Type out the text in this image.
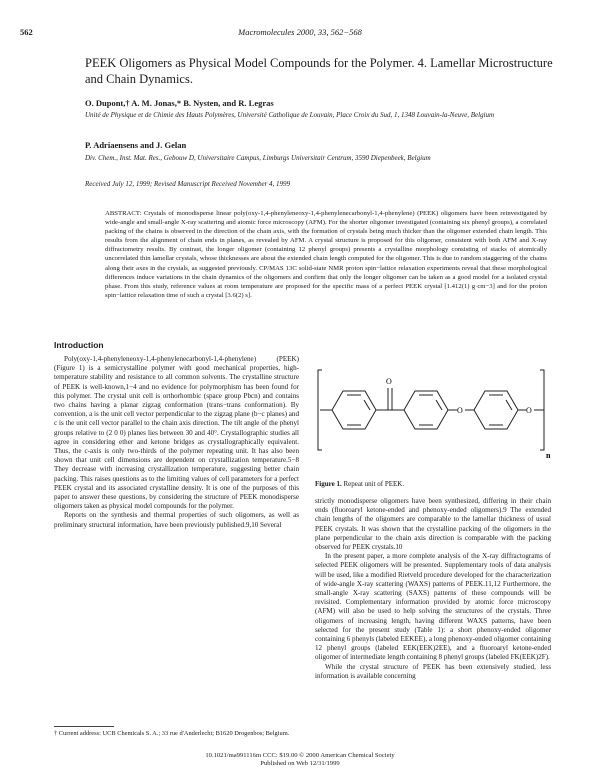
562	Macromolecules 2000, 33, 562−568
PEEK Oligomers as Physical Model Compounds for the Polymer. 4. Lamellar Microstructure and Chain Dynamics.
O. Dupont,† A. M. Jonas,* B. Nysten, and R. Legras
Unité de Physique et de Chimie des Hauts Polymères, Université Catholique de Louvain, Place Croix du Sud, 1, 1348 Louvain-la-Neuve, Belgium
P. Adriaensens and J. Gelan
Div. Chem., Inst. Mat. Res., Gebouw D, Universitaire Campus, Limburgs Universitair Centrum, 3590 Diepenbeek, Belgium
Received July 12, 1999; Revised Manuscript Received November 4, 1999
ABSTRACT: Crystals of monodisperse linear poly(oxy-1,4-phenyleneoxy-1,4-phenylenecarbonyl-1,4-phenylene) (PEEK) oligomers have been reinvestigated by wide-angle and small-angle X-ray scattering and atomic force microscopy (AFM). For the shorter oligomer investigated (containing six phenyl groups), a correlated packing of the chains is observed in the direction of the chain axis, with the formation of crystals being much thicker than the oligomer extended chain length. This results from the alignment of chain ends in planes, as revealed by AFM. A crystal structure is proposed for this oligomer, consistent with both AFM and X-ray diffractometry results. By contrast, the longer oligomer (containing 12 phenyl groups) presents a crystalline morphology consisting of stacks of atomically uncorrelated thin lamellar crystals, whose thicknesses are about the extended chain length computed for the oligomer. This is due to random staggering of the chains along their axes in the crystals, as suggested previously. CP/MAS 13C solid-state NMR proton spin−lattice relaxation experiments reveal that these morphological differences induce variations in the chain dynamics of the oligomers and confirm that only the longer oligomer can be taken as a good model for a isolated crystal phase. From this study, reference values at room temperature are proposed for the specific mass of a perfect PEEK crystal [1.412(1) g·cm−3] and for the proton spin−lattice relaxation time of such a crystal [3.6(2) s].
Introduction

Poly(oxy-1,4-phenyleneoxy-1,4-phenylenecarbonyl-1,4-phenylene) (PEEK) (Figure 1) is a semicrystalline polymer with good mechanical properties, high-temperature stability and resistance to all common solvents. The crystalline structure of PEEK is well-known,1−4 and no evidence for polymorphism has been found for this polymer. The crystal unit cell is orthorhombic (space group Pbcn) and contains two chains having a planar zigzag conformation (trans−trans conformation). By convention, a is the unit cell vector perpendicular to the zigzag plane (b−c planes) and c is the unit cell vector parallel to the chain axis direction. The tilt angle of the phenyl groups relative to (2 0 0) planes lies between 30 and 40°. Crystallographic studies all agree in considering ether and ketone bridges as crystallographically equivalent. Thus, the c-axis is only two-thirds of the polymer repeating unit. It has also been shown that unit cell dimensions are dependent on crystallization temperature.5−8 They decrease with increasing crystallization temperature, suggesting better chain packing. This raises questions as to the limiting values of cell parameters for a perfect PEEK crystal and its associated crystalline density. It is one of the purposes of this paper to answer these questions, by considering the structure of PEEK monodisperse oligomers taken as physical model compounds for the polymer.

Reports on the synthesis and thermal properties of such oligomers, as well as preliminary structural information, have been previously published.9,10 Several

O
O	O
n
Figure 1. Repeat unit of PEEK.

strictly monodisperse oligomers have been synthesized, differing in their chain ends (fluoroaryl ketone-ended and phenoxy-ended oligomers).9 The extended chain lengths of the oligomers are comparable to the lamellar thickness of usual PEEK crystals. It was shown that the crystalline packing of the oligomers in the plane perpendicular to the chain axis direction is comparable with the packing observed for PEEK crystals.10

In the present paper, a more complete analysis of the X-ray diffractograms of selected PEEK oligomers will be presented. Supplementary tools of data analysis will be used, like a modified Rietveld procedure developed for the characterization of wide-angle X-ray scattering (WAXS) patterns of PEEK.11,12 Furthermore, the small-angle X-ray scattering (SAXS) patterns of these compounds will be revisited. Complementary information provided by atomic force microscopy (AFM) will also be used to help solving the structures of the crystals. Three oligomers of increasing length, having different WAXS patterns, have been selected for the present study (Table 1): a short phenoxy-ended oligomer containing 6 phenyls (labeled EEKEE), a long phenoxy-ended oligomer containing 12 phenyl groups (labeled EEK(EEK)2EE), and a fluoroaryl ketone-ended oligomer of intermediate length containing 8 phenyl groups (labeled FK(EEK)2F).

While the crystal structure of PEEK has been extensively studied, less information is available concerning

† Current address: UCB Chemicals S. A.; 33 rue d'Anderlecht; B1620 Drogenbos; Belgium.
10.1021/ma991116m CCC: $19.00 © 2000 American Chemical Society
Published on Web 12/31/1999
